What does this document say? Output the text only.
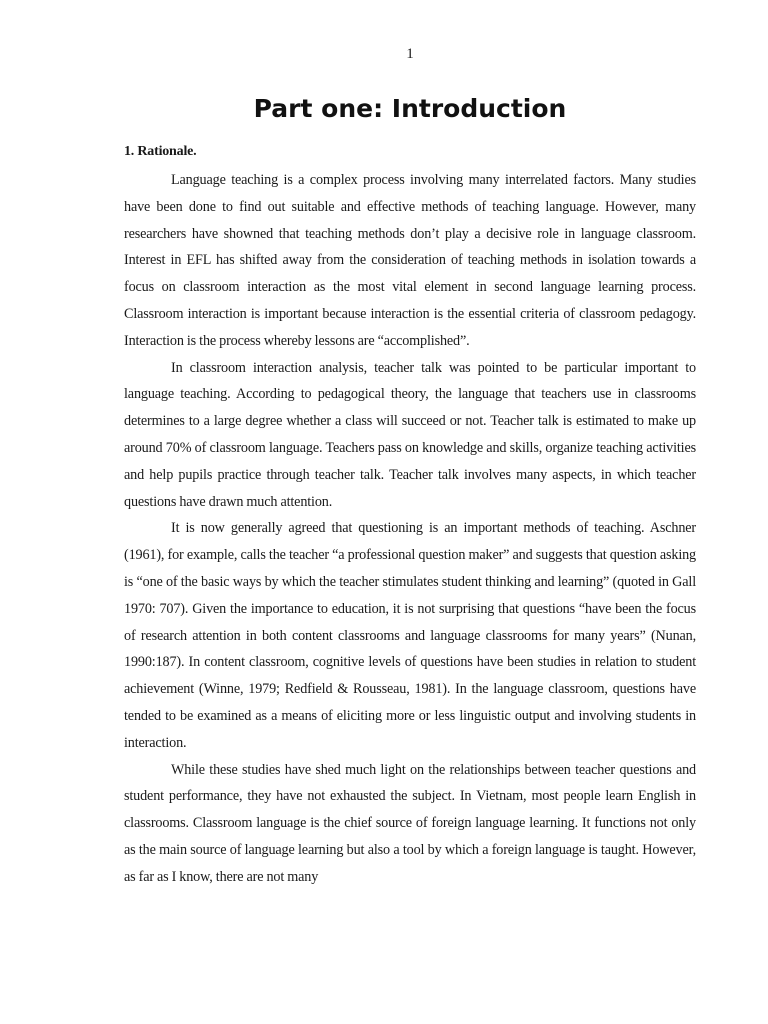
1
Part one: Introduction
1. Rationale.

Language teaching is a complex process involving many interrelated factors. Many studies have been done to find out suitable and effective methods of teaching language. However, many researchers have showned that teaching methods don’t play a decisive role in language classroom. Interest in EFL has shifted away from the consideration of teaching methods in isolation towards a focus on classroom interaction as the most vital element in second language learning process. Classroom interaction is important because interaction is the essential criteria of classroom pedagogy. Interaction is the process whereby lessons are “accomplished”.

In classroom interaction analysis, teacher talk was pointed to be particular important to language teaching. According to pedagogical theory, the language that teachers use in classrooms determines to a large degree whether a class will succeed or not. Teacher talk is estimated to make up around 70% of classroom language. Teachers pass on knowledge and skills, organize teaching activities and help pupils practice through teacher talk. Teacher talk involves many aspects, in which teacher questions have drawn much attention.

It is now generally agreed that questioning is an important methods of teaching. Aschner (1961), for example, calls the teacher “a professional question maker” and suggests that question asking is “one of the basic ways by which the teacher stimulates student thinking and learning” (quoted in Gall 1970: 707). Given the importance to education, it is not surprising that questions “have been the focus of research attention in both content classrooms and language classrooms for many years” (Nunan, 1990:187). In content classroom, cognitive levels of questions have been studies in relation to student achievement (Winne, 1979; Redfield & Rousseau, 1981). In the language classroom, questions have tended to be examined as a means of eliciting more or less linguistic output and involving students in interaction.

While these studies have shed much light on the relationships between teacher questions and student performance, they have not exhausted the subject. In Vietnam, most people learn English in classrooms. Classroom language is the chief source of foreign language learning. It functions not only as the main source of language learning but also a tool by which a foreign language is taught. However, as far as I know, there are not many
